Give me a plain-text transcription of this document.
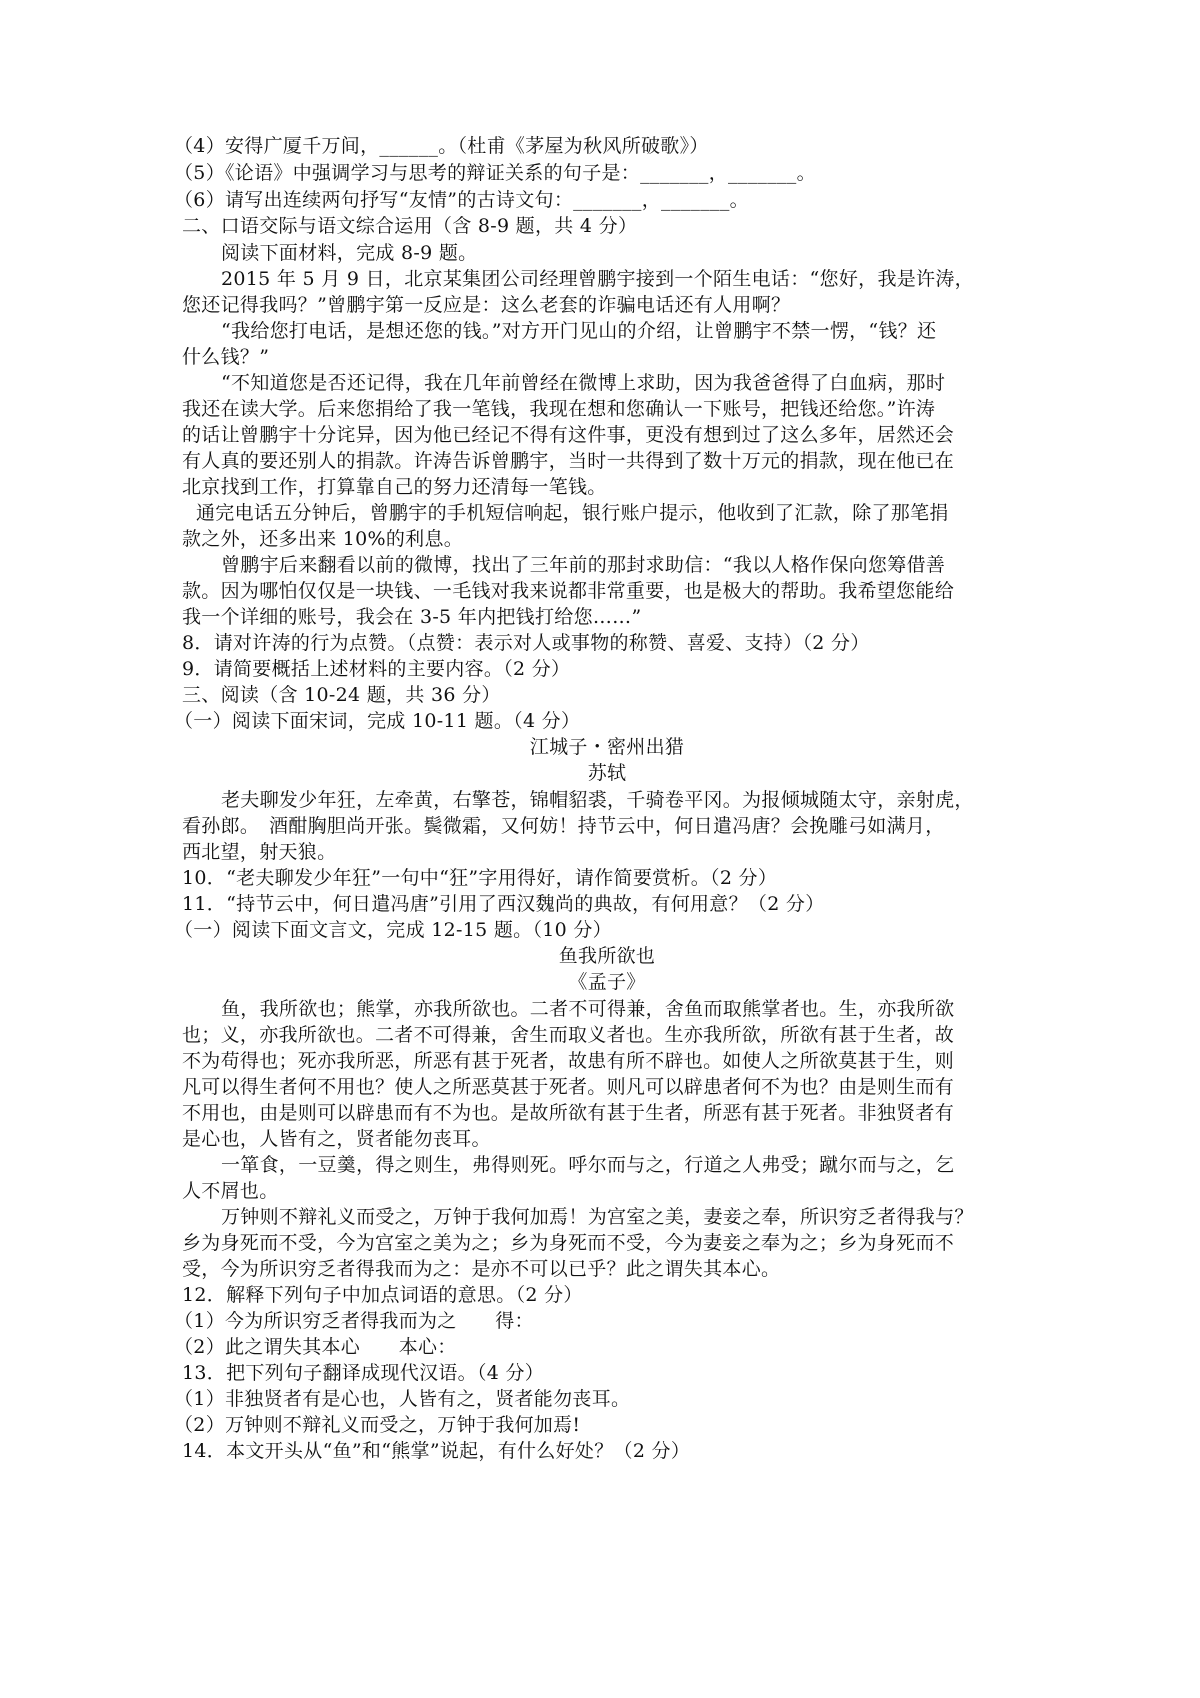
（4）安得广厦千万间，______。（杜甫《茅屋为秋风所破歌》）
（5）《论语》中强调学习与思考的辩证关系的句子是：_______，_______。
（6）请写出连续两句抒写“友情”的古诗文句：_______，_______。
二、口语交际与语文综合运用（含 8-9 题，共 4 分）
阅读下面材料，完成 8-9 题。
2015 年 5 月 9 日，北京某集团公司经理曾鹏宇接到一个陌生电话：“您好，我是许涛，
您还记得我吗？”曾鹏宇第一反应是：这么老套的诈骗电话还有人用啊？
“我给您打电话，是想还您的钱。”对方开门见山的介绍，让曾鹏宇不禁一愣，“钱？还
什么钱？”
“不知道您是否还记得，我在几年前曾经在微博上求助，因为我爸爸得了白血病，那时
我还在读大学。后来您捐给了我一笔钱，我现在想和您确认一下账号，把钱还给您。”许涛
的话让曾鹏宇十分诧异，因为他已经记不得有这件事，更没有想到过了这么多年，居然还会
有人真的要还别人的捐款。许涛告诉曾鹏宇，当时一共得到了数十万元的捐款，现在他已在
北京找到工作，打算靠自己的努力还清每一笔钱。
通完电话五分钟后，曾鹏宇的手机短信响起，银行账户提示，他收到了汇款，除了那笔捐
款之外，还多出来 10%的利息。
曾鹏宇后来翻看以前的微博，找出了三年前的那封求助信：“我以人格作保向您筹借善
款。因为哪怕仅仅是一块钱、一毛钱对我来说都非常重要，也是极大的帮助。我希望您能给
我一个详细的账号，我会在 3-5 年内把钱打给您……”
8．请对许涛的行为点赞。（点赞：表示对人或事物的称赞、喜爱、支持）（2 分）
9．请简要概括上述材料的主要内容。（2 分）
三、阅读（含 10-24 题，共 36 分）
（一）阅读下面宋词，完成 10-11 题。（4 分）
江城子・密州出猎
苏轼
老夫聊发少年狂，左牵黄，右擎苍，锦帽貂裘，千骑卷平冈。为报倾城随太守，亲射虎，
看孙郎。　酒酣胸胆尚开张。鬓微霜，又何妨！持节云中，何日遣冯唐？会挽雕弓如满月，
西北望，射天狼。
10．“老夫聊发少年狂”一句中“狂”字用得好，请作简要赏析。（2 分）
11．“持节云中，何日遣冯唐”引用了西汉魏尚的典故，有何用意？（2 分）
（一）阅读下面文言文，完成 12-15 题。（10 分）
鱼我所欲也
《孟子》
鱼，我所欲也；熊掌，亦我所欲也。二者不可得兼，舍鱼而取熊掌者也。生，亦我所欲
也；义，亦我所欲也。二者不可得兼，舍生而取义者也。生亦我所欲，所欲有甚于生者，故
不为苟得也；死亦我所恶，所恶有甚于死者，故患有所不辟也。如使人之所欲莫甚于生，则
凡可以得生者何不用也？使人之所恶莫甚于死者。则凡可以辟患者何不为也？由是则生而有
不用也，由是则可以辟患而有不为也。是故所欲有甚于生者，所恶有甚于死者。非独贤者有
是心也，人皆有之，贤者能勿丧耳。
一箪食，一豆羹，得之则生，弗得则死。呼尔而与之，行道之人弗受；蹴尔而与之，乞
人不屑也。
万钟则不辩礼义而受之，万钟于我何加焉！为宫室之美，妻妾之奉，所识穷乏者得我与？
乡为身死而不受，今为宫室之美为之；乡为身死而不受，今为妻妾之奉为之；乡为身死而不
受，今为所识穷乏者得我而为之：是亦不可以已乎？此之谓失其本心。
12．解释下列句子中加点词语的意思。（2 分）
（1）今为所识穷乏者得我而为之　　得：
（2）此之谓失其本心　　本心：
13．把下列句子翻译成现代汉语。（4 分）
（1）非独贤者有是心也，人皆有之，贤者能勿丧耳。
（2）万钟则不辩礼义而受之，万钟于我何加焉!
14．本文开头从“鱼”和“熊掌”说起，有什么好处？（2 分）
